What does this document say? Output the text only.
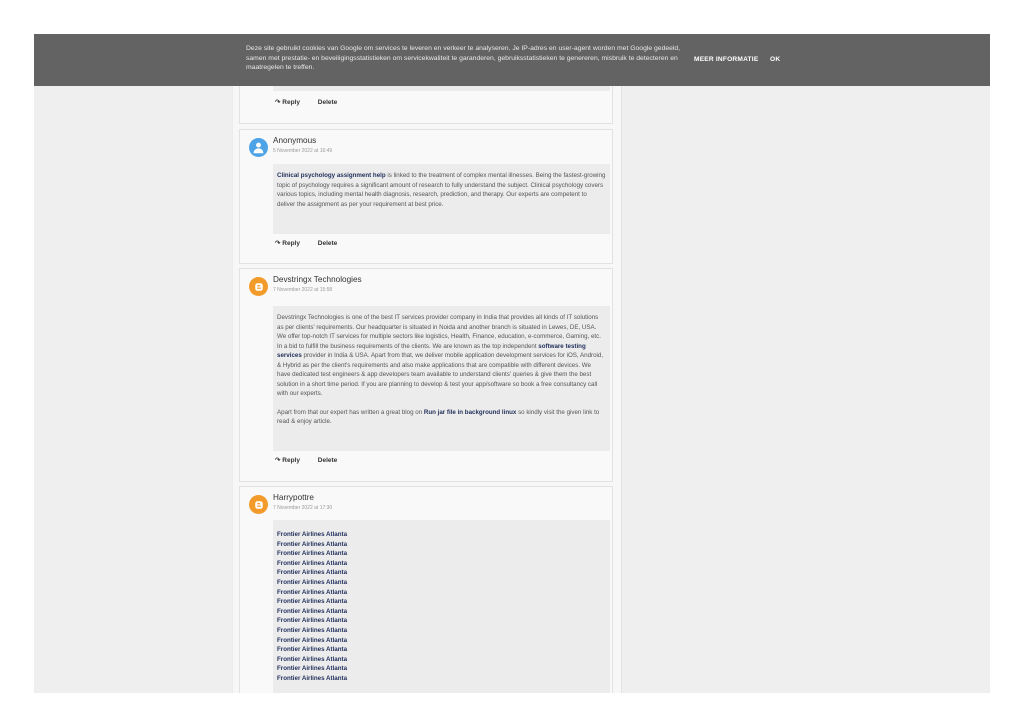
↷ Reply	Delete
Anonymous
5 November 2022 at 16:49
Clinical psychology assignment help is linked to the treatment of complex mental illnesses. Being the fastest-growing topic of psychology requires a significant amount of research to fully understand the subject. Clinical psychology covers various topics, including mental health diagnosis, research, prediction, and therapy. Our experts are competent to deliver the assignment as per your requirement at best price.
↷ Reply	Delete
Devstringx Technologies
7 November 2022 at 15:58

Devstringx Technologies is one of the best IT services provider company in India that provides all kinds of IT solutions as per clients' requirements. Our headquarter is situated in Noida and another branch is situated in Lewes, DE, USA. We offer top-notch IT services for multiple sectors like logistics, Health, Finance, education, e-commerce, Gaming, etc. In a bid to fulfill the business requirements of the clients. We are known as the top independent software testing services provider in India & USA. Apart from that, we deliver mobile application development services for iOS, Android, & Hybrid as per the client's requirements and also make applications that are compatible with different devices. We have dedicated test engineers & app developers team available to understand clients' queries & give them the best solution in a short time period. If you are planning to develop & test your app/software so book a free consultancy call with our experts.

Apart from that our expert has written a great blog on Run jar file in background linux so kindly visit the given link to read & enjoy article.

↷ Reply	Delete
Harrypottre
7 November 2022 at 17:30
Frontier Airlines Atlanta
Frontier Airlines Atlanta
Frontier Airlines Atlanta
Frontier Airlines Atlanta
Frontier Airlines Atlanta
Frontier Airlines Atlanta
Frontier Airlines Atlanta
Frontier Airlines Atlanta
Frontier Airlines Atlanta
Frontier Airlines Atlanta
Frontier Airlines Atlanta
Frontier Airlines Atlanta
Frontier Airlines Atlanta
Frontier Airlines Atlanta
Frontier Airlines Atlanta
Frontier Airlines Atlanta
Deze site gebruikt cookies van Google om services te leveren en verkeer te analyseren. Je IP-adres en user-agent worden met Google gedeeld, samen met prestatie- en beveiligingsstatistieken om servicekwaliteit te garanderen, gebruiksstatistieken te genereren, misbruik te detecteren en maatregelen te treffen.
MEER INFORMATIE OK
